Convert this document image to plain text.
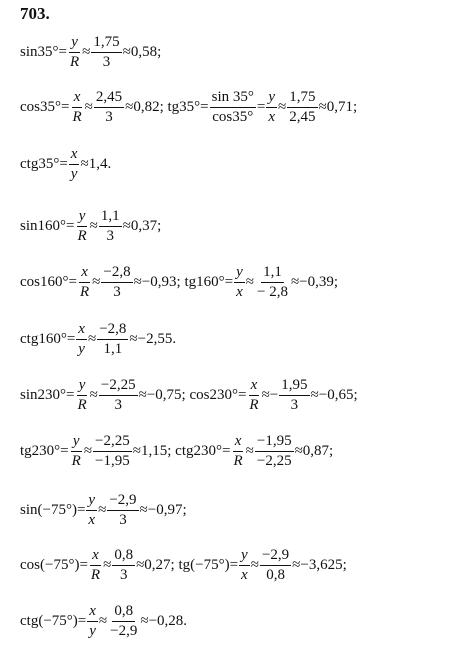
703.
$\sin 35^\circ= \frac{y}{R} \approx \frac{1,75}{3} \approx 0,58$;
$\cos 35^\circ= \frac{x}{R} \approx \frac{2,45}{3} \approx 0,82$; $tg35^\circ= \frac{\sin 35^\circ}{\cos 35^\circ} = \frac{y}{x} \approx \frac{1,75}{2,45} \approx 0,71$;
$ctg35^\circ= \frac{x}{y} \approx 1,4$.
$\sin 160^\circ= \frac{y}{R} \approx \frac{1,1}{3} \approx 0,37$;
$\cos 160^\circ= \frac{x}{R} \approx \frac{-2,8}{3} \approx-0,93$; $tg160^\circ= \frac{y}{x} \approx \frac{1,1}{- 2,8} \approx-0,39$;
$ctg160^\circ= \frac{x}{y} \approx \frac{-2,8}{1,1} \approx-2,55$.
$\sin 230^\circ= \frac{y}{R} \approx \frac{-2,25}{3} \approx-0,75$; $\cos 230^\circ= \frac{x}{R} \approx- \frac{1,95}{3} \approx-0,65$;
$tg230^\circ= \frac{y}{R} \approx \frac{-2,25}{-1,95} \approx 1,15$; $ctg230^\circ= \frac{x}{R} \approx \frac{-1,95}{-2,25} \approx 0,87$;
$\sin(-75^\circ)= \frac{y}{x} \approx \frac{-2,9}{3} \approx-0,97$;
$\cos(-75^\circ)= \frac{x}{R} \approx \frac{0,8}{3} \approx 0,27$; $tg(-75^\circ)= \frac{y}{x} \approx \frac{-2,9}{0,8} \approx-3,625$;
$ctg(-75^\circ)= \frac{x}{y} \approx \frac{0,8}{-2,9} \approx-0,28$.
